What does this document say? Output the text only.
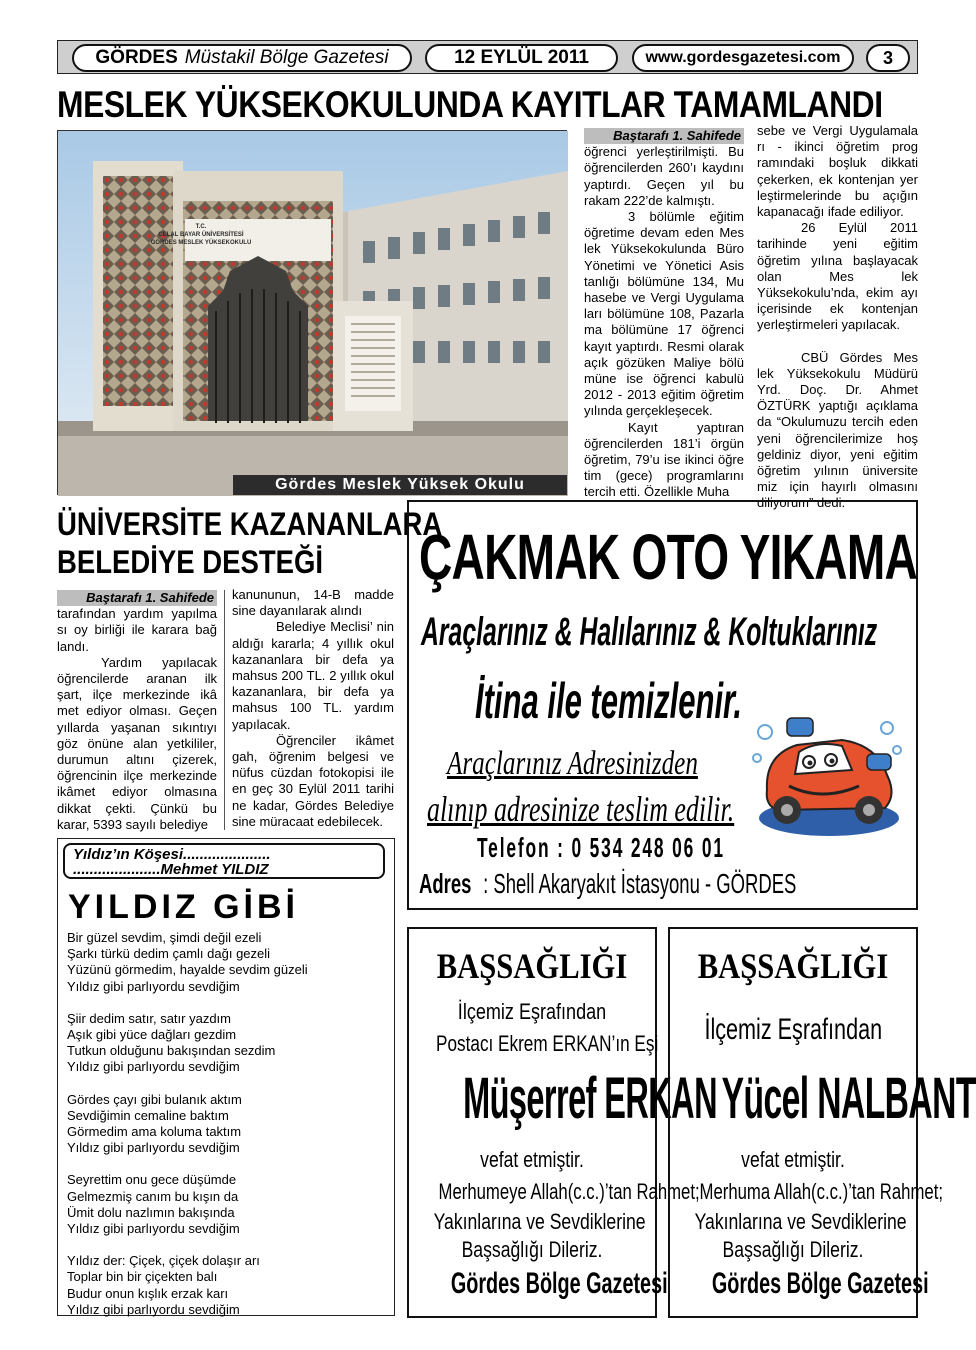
GÖRDES Müstakil Bölge Gazetesi	12 EYLÜL 2011	www.gordesgazetesi.com	3
MESLEK YÜKSEKOKULUNDA KAYITLAR TAMAMLANDI
T.C.
CELAL BAYAR ÜNİVERSİTESİ
GÖRDES MESLEK YÜKSEKOKULU
Gördes Meslek Yüksek Okulu
Baştarafı 1. Sahifede

öğrenci yerleştirilmişti. Bu öğrencilerden 260’ı kaydını yaptırdı. Geçen yıl bu rakam 222’de kalmıştı.

3 bölümle eğitim öğretime devam eden Mes lek Yüksekokulunda Büro Yönetimi ve Yönetici Asis tanlığı bölümüne 134, Mu hasebe ve Vergi Uygulama ları bölümüne 108, Pazarla ma bölümüne 17 öğrenci kayıt yaptırdı. Resmi olarak açık gözüken Maliye bölü müne ise öğrenci kabulü 2012 - 2013 eğitim öğretim yılında gerçekleşecek.

Kayıt yaptıran öğrencilerden 181’i örgün öğretim, 79’u ise ikinci öğre tim (gece) programlarını tercih etti. Özellikle Muha

sebe ve Vergi Uygulamala rı - ikinci öğretim prog ramındaki boşluk dikkati çekerken, ek kontenjan yer leştirmelerinde bu açığın kapanacağı ifade ediliyor.

26 Eylül 2011 tarihinde yeni eğitim öğretim yılına başlayacak olan Mes lek Yüksekokulu’nda, ekim ayı içerisinde ek kontenjan yerleştirmeleri yapılacak.

CBÜ Gördes Mes lek Yüksekokulu Müdürü Yrd. Doç. Dr. Ahmet ÖZTÜRK yaptığı açıklama da “Okulumuzu tercih eden yeni öğrencilerimize hoş geldiniz diyor, yeni eğitim öğretim yılının üniversite miz için hayırlı olmasını diliyorum” dedi.

ÜNİVERSİTE KAZANANLARA
BELEDİYE DESTEĞİ
Baştarafı 1. Sahifede

tarafından yardım yapılma sı oy birliği ile karara bağ landı.

Yardım yapılacak öğrencilerde aranan ilk şart, ilçe merkezinde ikâ met ediyor olması. Geçen yıllarda yaşanan sıkıntıyı göz önüne alan yetkililer, durumun altını çizerek, öğrencinin ilçe merkezinde ikâmet ediyor olmasına dikkat çekti. Çünkü bu karar, 5393 sayılı belediye

kanununun, 14-B madde sine dayanılarak alındı

Belediye Meclisi’ nin aldığı kararla; 4 yıllık okul kazananlara bir defa ya mahsus 200 TL. 2 yıllık okul kazananlara, bir defa ya mahsus 100 TL. yardım yapılacak.

Öğrenciler ikâmet gah, öğrenim belgesi ve nüfus cüzdan fotokopisi ile en geç 30 Eylül 2011 tarihi ne kadar, Gördes Belediye sine müracaat edebilecek.

Yıldız’ın Köşesi.....................
.....................Mehmet YILDIZ
YILDIZ GİBİ
Bir güzel sevdim, şimdi değil ezeli
Şarkı türkü dedim çamlı dağı gezeli
Yüzünü görmedim, hayalde sevdim güzeli
Yıldız gibi parlıyordu sevdiğim
Şiir dedim satır, satır yazdım
Aşık gibi yüce dağları gezdim
Tutkun olduğunu bakışından sezdim
Yıldız gibi parlıyordu sevdiğim
Gördes çayı gibi bulanık aktım
Sevdiğimin cemaline baktım
Görmedim ama koluma taktım
Yıldız gibi parlıyordu sevdiğim
Seyrettim onu gece düşümde
Gelmezmiş canım bu kışın da
Ümit dolu nazlımın bakışında
Yıldız gibi parlıyordu sevdiğim
Yıldız der: Çiçek, çiçek dolaşır arı
Toplar bin bir çiçekten balı
Budur onun kışlık erzak karı
Yıldız gibi parlıyordu sevdiğim
ÇAKMAK OTO YIKAMA
Araçlarınız & Halılarınız & Koltuklarınız
İtina ile temizlenir.
Araçlarınız Adresinizden
alınıp adresinize teslim edilir.
Telefon : 0 534 248 06 01
Adres : Shell Akaryakıt İstasyonu - GÖRDES
BAŞSAĞLIĞI
İlçemiz Eşrafından
Postacı Ekrem ERKAN’ın Eşi
Müşerref ERKAN
vefat etmiştir.
Merhumeye Allah(c.c.)’tan Rahmet;
Yakınlarına ve Sevdiklerine
Başsağlığı Dileriz.
Gördes Bölge Gazetesi
BAŞSAĞLIĞI
İlçemiz Eşrafından
Yücel NALBANT
vefat etmiştir.
Merhuma Allah(c.c.)’tan Rahmet;
Yakınlarına ve Sevdiklerine
Başsağlığı Dileriz.
Gördes Bölge Gazetesi
